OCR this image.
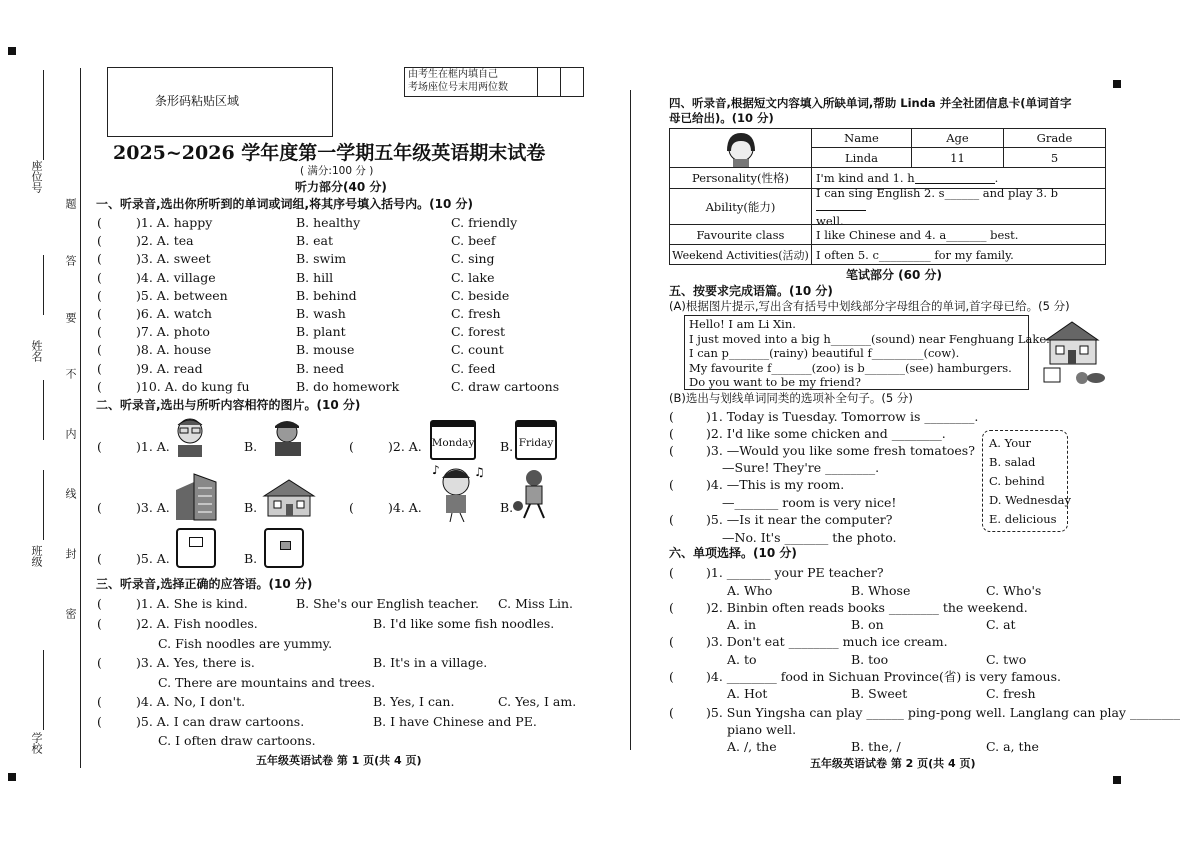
座位号
姓名
班级
学校
题
答
要
不
内
线
封
密
条形码粘贴区域
由考生在框内填自己
考场座位号末用两位数
2025~2026 学年度第一学期五年级英语期末试卷
( 满分:100 分 )
听力部分(40 分)
一、听录音,选出你所听到的单词或词组,将其序号填入括号内。(10 分)
(	)1. A. happy	B. healthy	C. friendly
(	)2. A. tea	B. eat	C. beef
(	)3. A. sweet	B. swim	C. sing
(	)4. A. village	B. hill	C. lake
(	)5. A. between	B. behind	C. beside
(	)6. A. watch	B. wash	C. fresh
(	)7. A. photo	B. plant	C. forest
(	)8. A. house	B. mouse	C. count
(	)9. A. read	B. need	C. feed
(	)10. A. do kung fu	B. do homework	C. draw cartoons
二、听录音,选出与所听内容相符的图片。(10 分)
(	)1. A.	B.	(	)2. A. Monday B. Friday
(	)3. A.	B.	(	)4. A.
♪	♫
B.
(	)5. A.	B.
三、听录音,选择正确的应答语。(10 分)
(	)1. A. She is kind.	B. She's our English teacher. C. Miss Lin.
(	)2. A. Fish noodles.	B. I'd like some fish noodles.
C. Fish noodles are yummy.
(	)3. A. Yes, there is.	B. It's in a village.
C. There are mountains and trees.
(	)4. A. No, I don't.	B. Yes, I can.	C. Yes, I am.
(	)5. A. I can draw cartoons.	B. I have Chinese and PE.
C. I often draw cartoons.
五年级英语试卷 第 1 页(共 4 页)
四、听录音,根据短文内容填入所缺单词,帮助 Linda 并全社团信息卡(单词首字
母已给出)。(10 分)
Name	Age	Grade
Linda	11	5
Personality(性格)	I'm kind and 1. h	.
Ability(能力)
I can sing English 2. s______ and play 3. b
well.
Favourite class	I like Chinese and 4. a_______ best.
Weekend Activities(活动) I often 5. c_________ for my family.
笔试部分 (60 分)
五、按要求完成语篇。(10 分)
(A)根据图片提示,写出含有括号中划线部分字母组合的单词,首字母已给。(5 分)
Hello! I am Li Xin.
I just moved into a big h_______(sound) near Fenghuang Lake.
I can p_______(rainy) beautiful f_________(cow).
My favourite f_______(zoo) is b_______(see) hamburgers.
Do you want to be my friend?
(B)选出与划线单词同类的选项补全句子。(5 分)
(	)1. Today is Tuesday. Tomorrow is ________.
(	)2. I'd like some chicken and ________.
(	)3. —Would you like some fresh tomatoes?
—Sure! They're ________.
(	)4. —This is my room.
—_______ room is very nice!
(	)5. —Is it near the computer?
—No. It's _______ the photo.
A. Your
B. salad
C. behind
D. Wednesday
E. delicious
六、单项选择。(10 分)
(	)1. _______ your PE teacher?
A. Who	B. Whose	C. Who's
(	)2. Binbin often reads books ________ the weekend.
A. in	B. on	C. at
(	)3. Don't eat ________ much ice cream.
A. to	B. too	C. two
(	)4. ________ food in Sichuan Province(省) is very famous.
A. Hot	B. Sweet	C. fresh
(	)5. Sun Yingsha can play ______ ping-pong well. Langlang can play ________
piano well.
A. /, the	B. the, /	C. a, the
五年级英语试卷 第 2 页(共 4 页)
